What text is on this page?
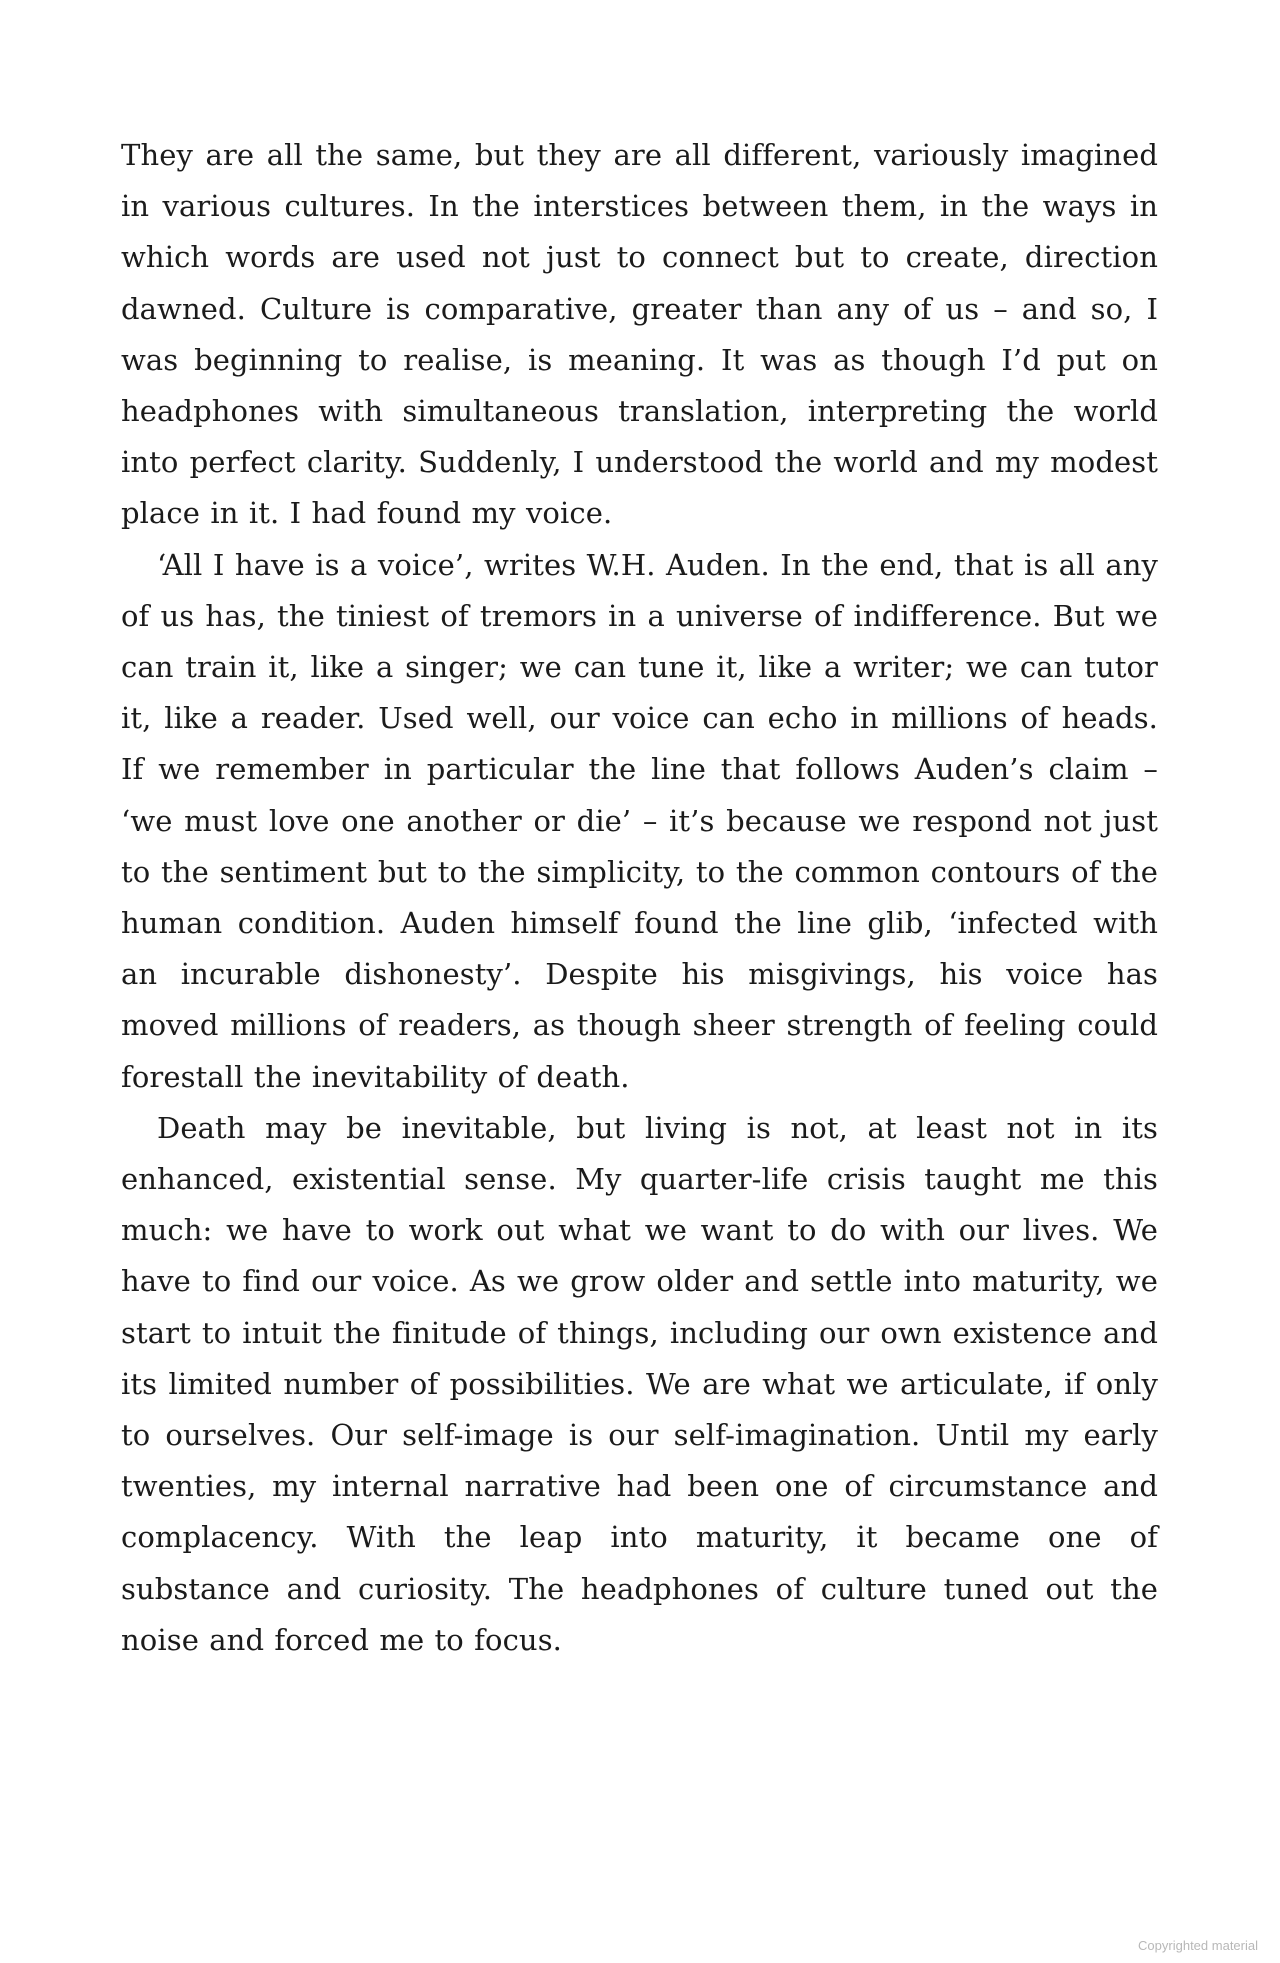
They are all the same, but they are all different, variously imagined in various cultures. In the interstices between them, in the ways in which words are used not just to connect but to create, direction dawned. Culture is comparative, greater than any of us – and so, I was beginning to realise, is meaning. It was as though I’d put on headphones with simultaneous translation, interpreting the world into perfect clarity. Suddenly, I understood the world and my modest place in it. I had found my voice.

‘All I have is a voice’, writes W.H. Auden. In the end, that is all any of us has, the tiniest of tremors in a universe of indifference. But we can train it, like a singer; we can tune it, like a writer; we can tutor it, like a reader. Used well, our voice can echo in millions of heads. If we remember in particular the line that follows Auden’s claim – ‘we must love one another or die’ – it’s because we respond not just to the sentiment but to the simplicity, to the common contours of the human condition. Auden himself found the line glib, ‘infected with an incurable dishonesty’. Despite his misgivings, his voice has moved millions of readers, as though sheer strength of feeling could forestall the inevitability of death.

Death may be inevitable, but living is not, at least not in its enhanced, existential sense. My quarter-life crisis taught me this much: we have to work out what we want to do with our lives. We have to find our voice. As we grow older and settle into maturity, we start to intuit the finitude of things, including our own existence and its limited number of possibilities. We are what we articulate, if only to ourselves. Our self-image is our self-imagination. Until my early twenties, my internal narrative had been one of circumstance and complacency. With the leap into maturity, it became one of substance and curiosity. The headphones of culture tuned out the noise and forced me to focus.

Copyrighted material
